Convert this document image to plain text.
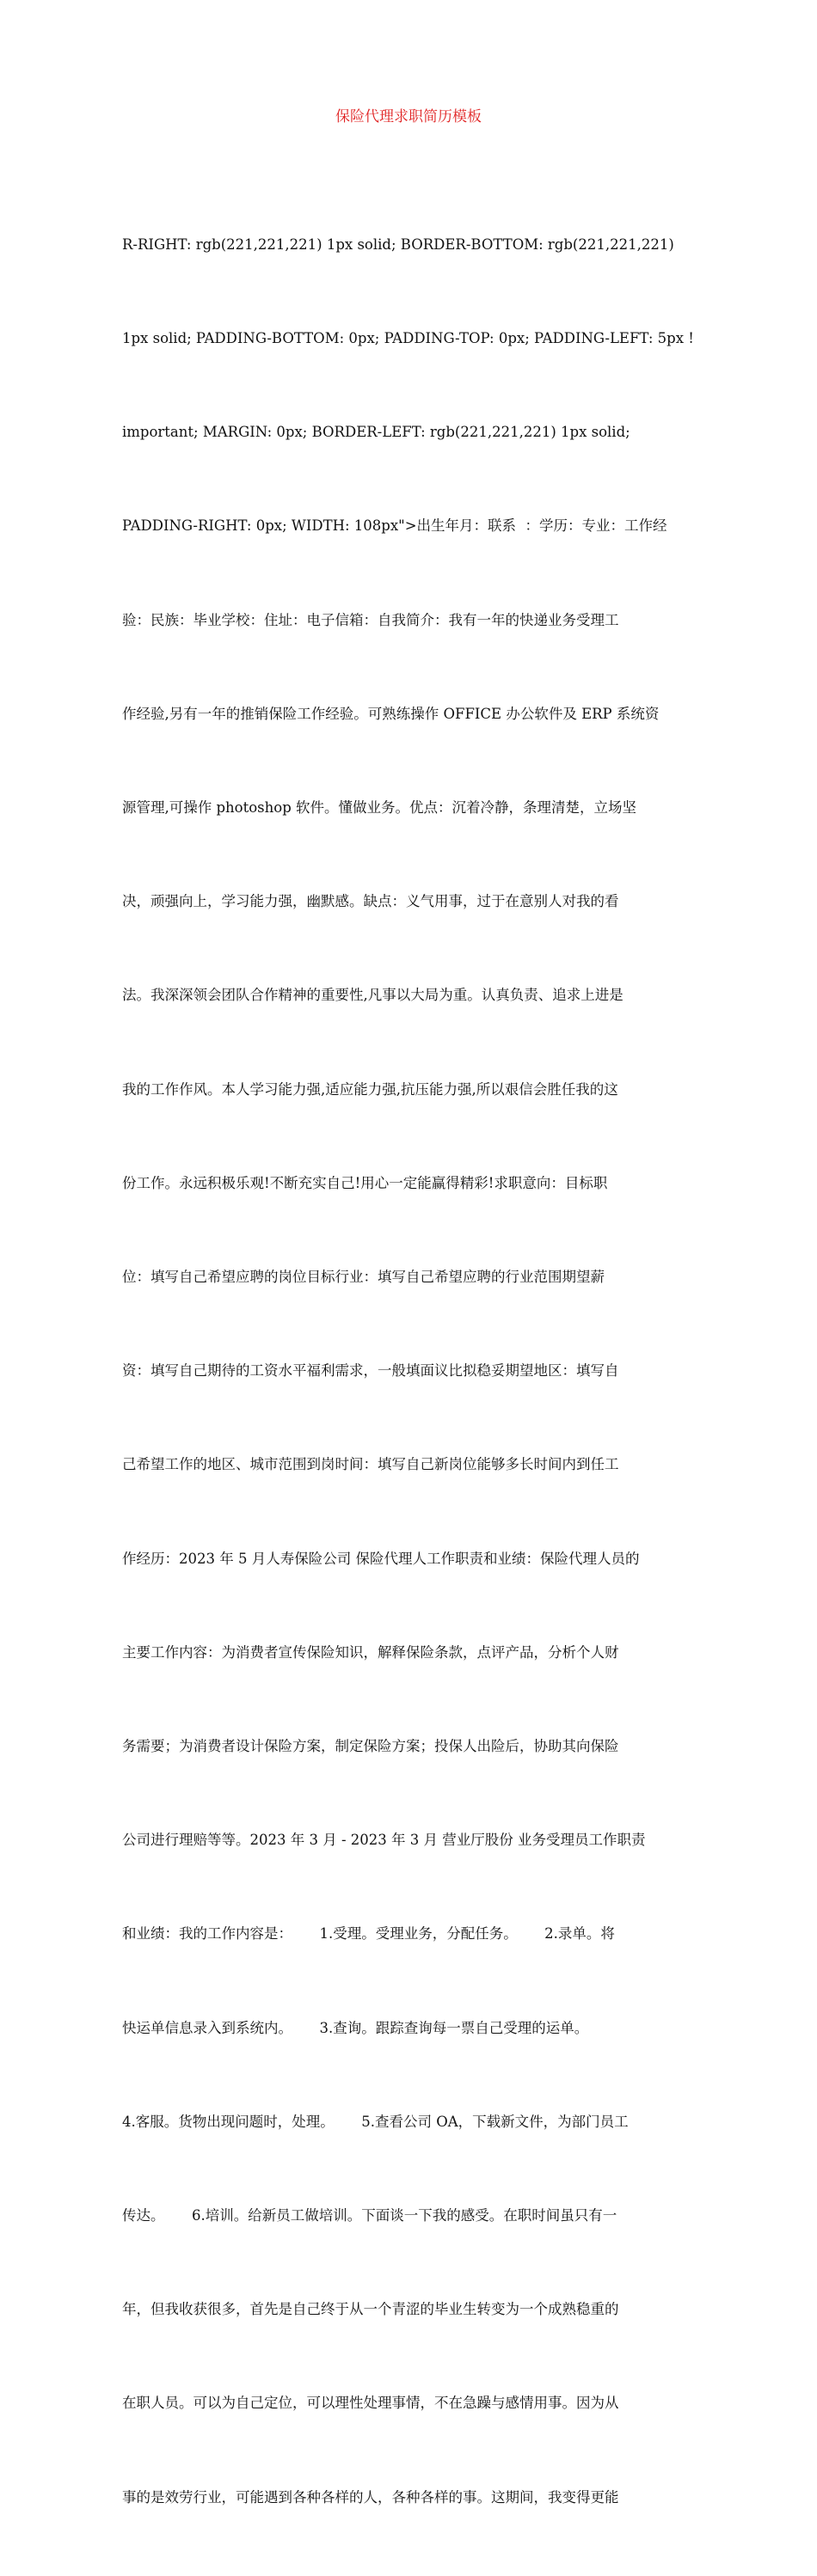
保险代理求职简历模板

R-RIGHT: rgb(221,221,221) 1px solid; BORDER-BOTTOM: rgb(221,221,221)

1px solid; PADDING-BOTTOM: 0px; PADDING-TOP: 0px; PADDING-LEFT: 5px !

important; MARGIN: 0px; BORDER-LEFT: rgb(221,221,221) 1px solid;

PADDING-RIGHT: 0px; WIDTH: 108px">出生年月：联系  ：学历：专业：工作经

验：民族：毕业学校：住址：电子信箱：自我简介：我有一年的快递业务受理工

作经验,另有一年的推销保险工作经验。可熟练操作 OFFICE 办公软件及 ERP 系统资

源管理,可操作 photoshop 软件。懂做业务。优点：沉着冷静，条理清楚，立场坚

决，顽强向上，学习能力强，幽默感。缺点：义气用事，过于在意别人对我的看

法。我深深领会团队合作精神的重要性,凡事以大局为重。认真负责、追求上进是

我的工作作风。本人学习能力强,适应能力强,抗压能力强,所以艰信会胜任我的这

份工作。永远积极乐观!不断充实自己!用心一定能赢得精彩!求职意向：目标职

位：填写自己希望应聘的岗位目标行业：填写自己希望应聘的行业范围期望薪

资：填写自己期待的工资水平福利需求，一般填面议比拟稳妥期望地区：填写自

己希望工作的地区、城市范围到岗时间：填写自己新岗位能够多长时间内到任工

作经历：2023 年 5 月人寿保险公司 保险代理人工作职责和业绩：保险代理人员的

主要工作内容：为消费者宣传保险知识，解释保险条款，点评产品，分析个人财

务需要；为消费者设计保险方案，制定保险方案；投保人出险后，协助其向保险

公司进行理赔等等。2023 年 3 月 - 2023 年 3 月 营业厅股份 业务受理员工作职责

和业绩：我的工作内容是：      1.受理。受理业务，分配任务。      2.录单。将

快运单信息录入到系统内。      3.查询。跟踪查询每一票自己受理的运单。

4.客服。货物出现问题时，处理。      5.查看公司 OA，下载新文件，为部门员工

传达。      6.培训。给新员工做培训。下面谈一下我的感受。在职时间虽只有一

年，但我收获很多，首先是自己终于从一个青涩的毕业生转变为一个成熟稳重的

在职人员。可以为自己定位，可以理性处理事情，不在急躁与感情用事。因为从

事的是效劳行业，可能遇到各种各样的人，各种各样的事。这期间，我变得更能
